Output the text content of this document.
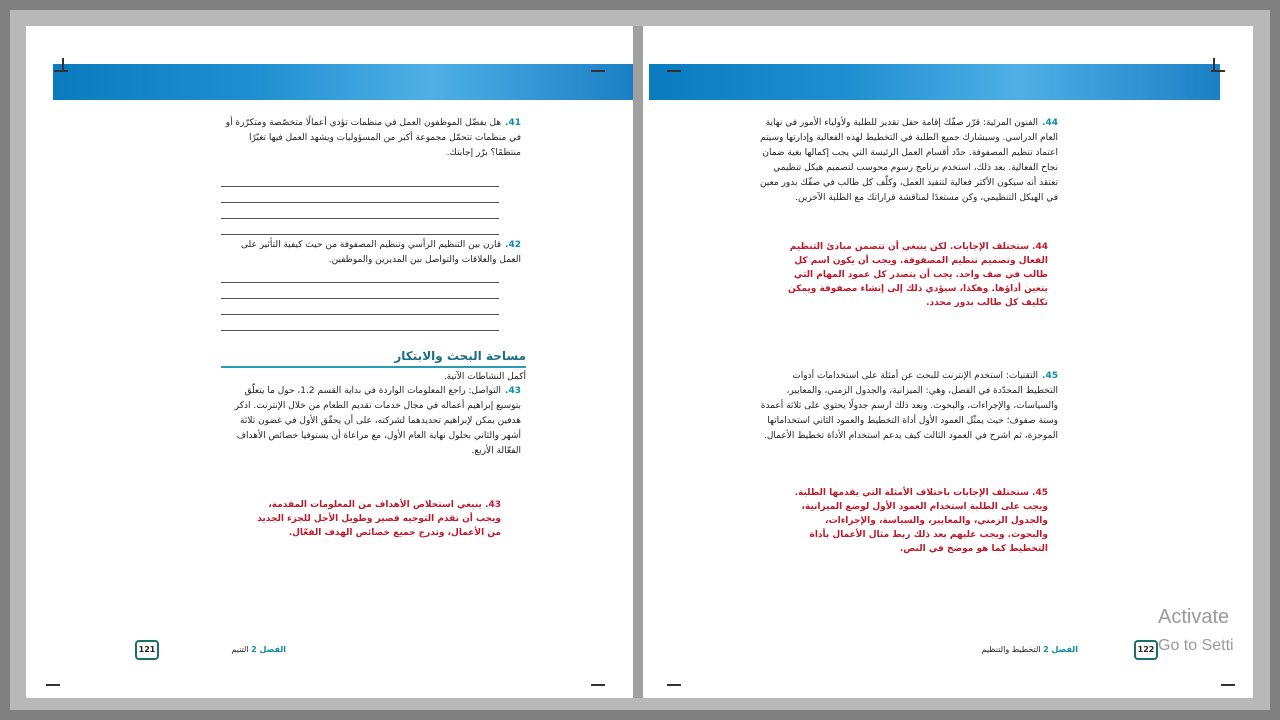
41.هل يفضّل الموظفون العمل في منظمات تؤدي أعمالًا متخصّصة ومتكرّرة أو في منظمات تتحمّل مجموعة أكبر من المسؤوليات ويشهد العمل فيها تغيّرًا منتظمًا؟ برّر إجابتك.
42.قارن بين التنظيم الرأسي وتنظيم المصفوفة من حيث كيفية التأثير على العمل والعلاقات والتواصل بين المديرين والموظفين.
مساحة البحث والابتكار
أكمل النشاطات الآتية.
43.التواصل: راجع المعلومات الواردة في بداية القسم 1.2، حول ما يتعلّق بتوسيع إبراهيم أعماله في مجال خدمات تقديم الطعام من خلال الإنترنت. اذكر هدفين يمكن لإبراهيم تحديدهما لشركته، على أن يحقّق الأول في غضون ثلاثة أشهر والثاني بحلول نهاية العام الأول، مع مراعاة أن يستوفيا خصائص الأهداف الفعّالة الأربع.
43. ينبغي استخلاص الأهداف من المعلومات المقدمة، ويجب أن تقدم التوجيه قصير وطويل الأجل للجزء الجديد من الأعمال، وتدرج جميع خصائص الهدف الفعّال.
الفصل 2 التنيم
121
44.الفنون المرئية: قرّر صفّك إقامة حفل تقدير للطلبة ولأولياء الأمور في نهاية العام الدراسي. وسيشارك جميع الطلبة في التخطيط لهذه الفعالية وإدارتها وسيتم اعتماد تنظيم المصفوفة. حدّد أقسام العمل الرئيسة التي يجب إكمالها بغية ضمان نجاح الفعالية. بعد ذلك، استخدم برنامج رسوم محوسب لتصميم هيكل تنظيمي تعتقد أنه سيكون الأكثر فعالية لتنفيذ العمل، وكلّف كل طالب في صفّك بدور معين في الهيكل التنظيمي، وكن مستعدًا لمناقشة قراراتك مع الطلبة الآخرين.
44. ستختلف الإجابات. لكن ينبغي أن تتضمن مبادئ التنظيم الفعال وتصميم تنظيم المصفوفة. ويجب أن يكون اسم كل طالب في صف واحد. يجب أن يتصدر كل عمود المهام التي يتعين أداؤها. وهكذا، سيؤدي ذلك إلى إنشاء مصفوفة ويمكن تكليف كل طالب بدور محدد.
45.التقنيات: استخدم الإنترنت للبحث عن أمثلة على استخدامات أدوات التخطيط المحدّدة في الفصل، وهي: الميزانية، والجدول الزمني، والمعايير، والسياسات، والإجراءات، والبحوث. وبعد ذلك ارسم جدولًا يحتوي على ثلاثة أعمدة وستة صفوف؛ حيث يمثّل العمود الأول أداة التخطيط والعمود الثاني استخداماتها الموجزة، ثم اشرح في العمود الثالث كيف يدعم استخدام الأداة تخطيط الأعمال.
45. ستختلف الإجابات باختلاف الأمثلة التي يقدمها الطلبة. ويجب على الطلبة استخدام العمود الأول لوضع الميزانية، والجدول الزمني، والمعايير، والسياسة، والإجراءات، والبحوث. ويجب عليهم بعد ذلك ربط مثال الأعمال بأداة التخطيط كما هو موضح في النص.
الفصل 2 التخطيط والتنظيم	122
Activate
Go to Setti
